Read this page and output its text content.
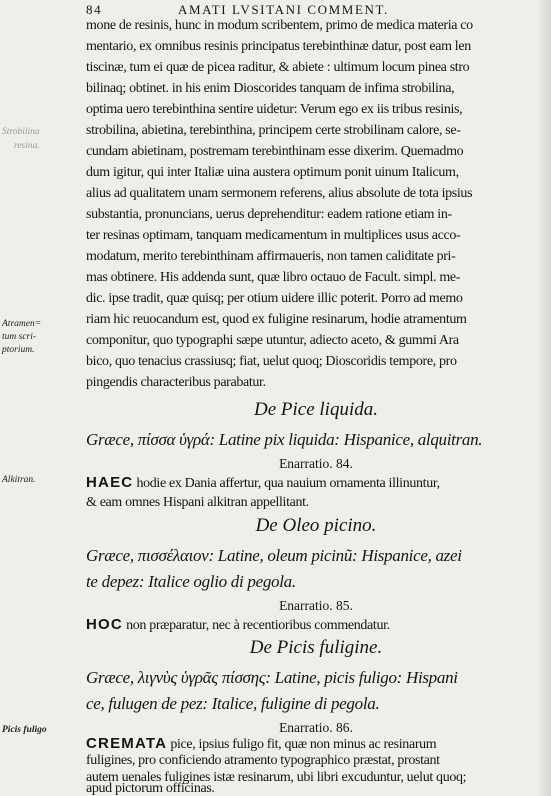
84	AMATI LVSITANI COMMENT.
Strobilina
resina.
Atramen=
tum scri-
ptorium.
Alkitran.
Picis fuligo
mone de resinis, hunc in modum scribentem, primo de medica materia co
mentario, ex omnibus resinis principatus terebinthinæ datur, post eam len
tiscinæ, tum ei quæ de picea raditur, & abiete : ultimum locum pinea stro
bilinaq; obtinet. in his enim Dioscorides tanquam de infima strobilina,
optima uero terebinthina sentire uidetur: Verum ego ex iis tribus resinis,
strobilina, abietina, terebinthina, principem certe strobilinam calore, se-
cundam abietinam, postremam terebinthinam esse dixerim. Quemadmo
dum igitur, qui inter Italiæ uina austera optimum ponit uinum Italicum,
alius ad qualitatem unam sermonem referens, alius absolute de tota ipsius
substantia, pronuncians, uerus deprehenditur: eadem ratione etiam in-
ter resinas optimam, tanquam medicamentum in multiplices usus acco-
modatum, merito terebinthinam affirmaueris, non tamen caliditate pri-
mas obtinere. His addenda sunt, quæ libro octauo de Facult. simpl. me-
dic. ipse tradit, quæ quisq; per otium uidere illic poterit. Porro ad memo
riam hic reuocandum est, quod ex fuligine resinarum, hodie atramentum
componitur, quo typographi sæpe utuntur, adiecto aceto, & gummi Ara
bico, quo tenacius crassiusq; fiat, uelut quoq; Dioscoridis tempore, pro
pingendis characteribus parabatur.
De Pice liquida.
Græce, πίσσα ὑγρά: Latine pix liquida: Hispanice, alquitran.
Enarratio. 84.
HAEC hodie ex Dania affertur, qua nauium ornamenta illinuntur,
& eam omnes Hispani alkitran appellitant.
De Oleo picino.
Græce, πισσέλαιον: Latine, oleum picinũ: Hispanice, azei
te depez: Italice oglio di pegola.
Enarratio. 85.
HOC non præparatur, nec à recentioribus commendatur.
De Picis fuligine.
Græce, λιγνὺς ὑγρᾶς πίσσης: Latine, picis fuligo: Hispani
ce, fulugen de pez: Italice, fuligine di pegola.
Enarratio. 86.
CREMATA pice, ipsius fuligo fit, quæ non minus ac resinarum
fuligines, pro conficiendo atramento typographico præstat, prostant
autem uenales fuligines istæ resinarum, ubi libri excuduntur, uelut quoq;
apud pictorum officinas.
